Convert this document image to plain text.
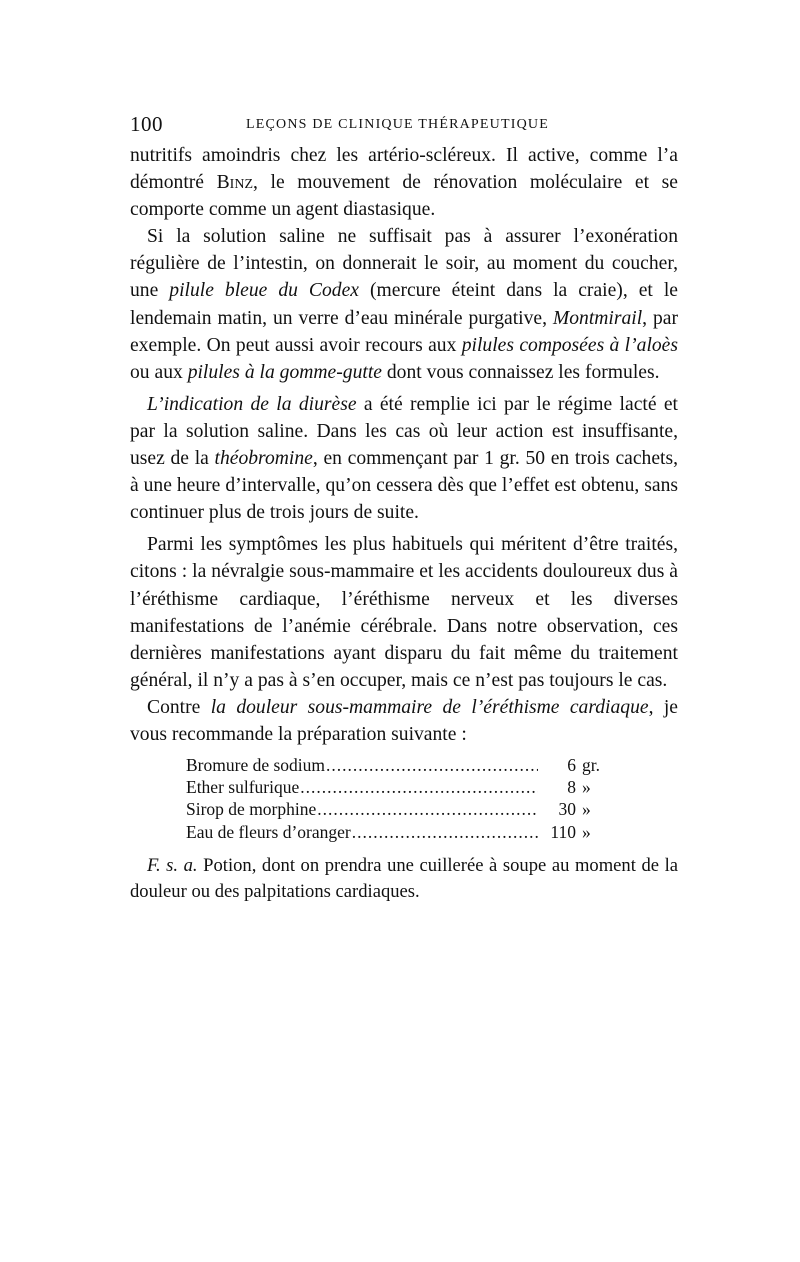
100	LEÇONS DE CLINIQUE THÉRAPEUTIQUE

nutritifs amoindris chez les artério-scléreux. Il active, comme l’a démontré Binz, le mouvement de rénovation moléculaire et se comporte comme un agent diastasique.

Si la solution saline ne suffisait pas à assurer l’exonération régulière de l’intestin, on donnerait le soir, au moment du coucher, une pilule bleue du Codex (mercure éteint dans la craie), et le lendemain matin, un verre d’eau minérale purgative, Montmirail, par exemple. On peut aussi avoir recours aux pilules composées à l’aloès ou aux pilules à la gomme-gutte dont vous connaissez les formules.

L’indication de la diurèse a été remplie ici par le régime lacté et par la solution saline. Dans les cas où leur action est insuffisante, usez de la théobromine, en commençant par 1 gr. 50 en trois cachets, à une heure d’intervalle, qu’on cessera dès que l’effet est obtenu, sans continuer plus de trois jours de suite.

Parmi les symptômes les plus habituels qui méritent d’être traités, citons : la névralgie sous-mammaire et les accidents douloureux dus à l’éréthisme cardiaque, l’éréthisme nerveux et les diverses manifestations de l’anémie cérébrale. Dans notre observation, ces dernières manifestations ayant disparu du fait même du traitement général, il n’y a pas à s’en occuper, mais ce n’est pas toujours le cas.

Contre la douleur sous-mammaire de l’éréthisme cardiaque, je vous recommande la préparation suivante :

Bromure de sodium .....	6 gr.
Ether sulfurique .....	8 »
Sirop de morphine .....	30 »
Eau de fleurs d’oranger .....	110 »

F. s. a. Potion, dont on prendra une cuillerée à soupe au moment de la douleur ou des palpitations cardiaques.
